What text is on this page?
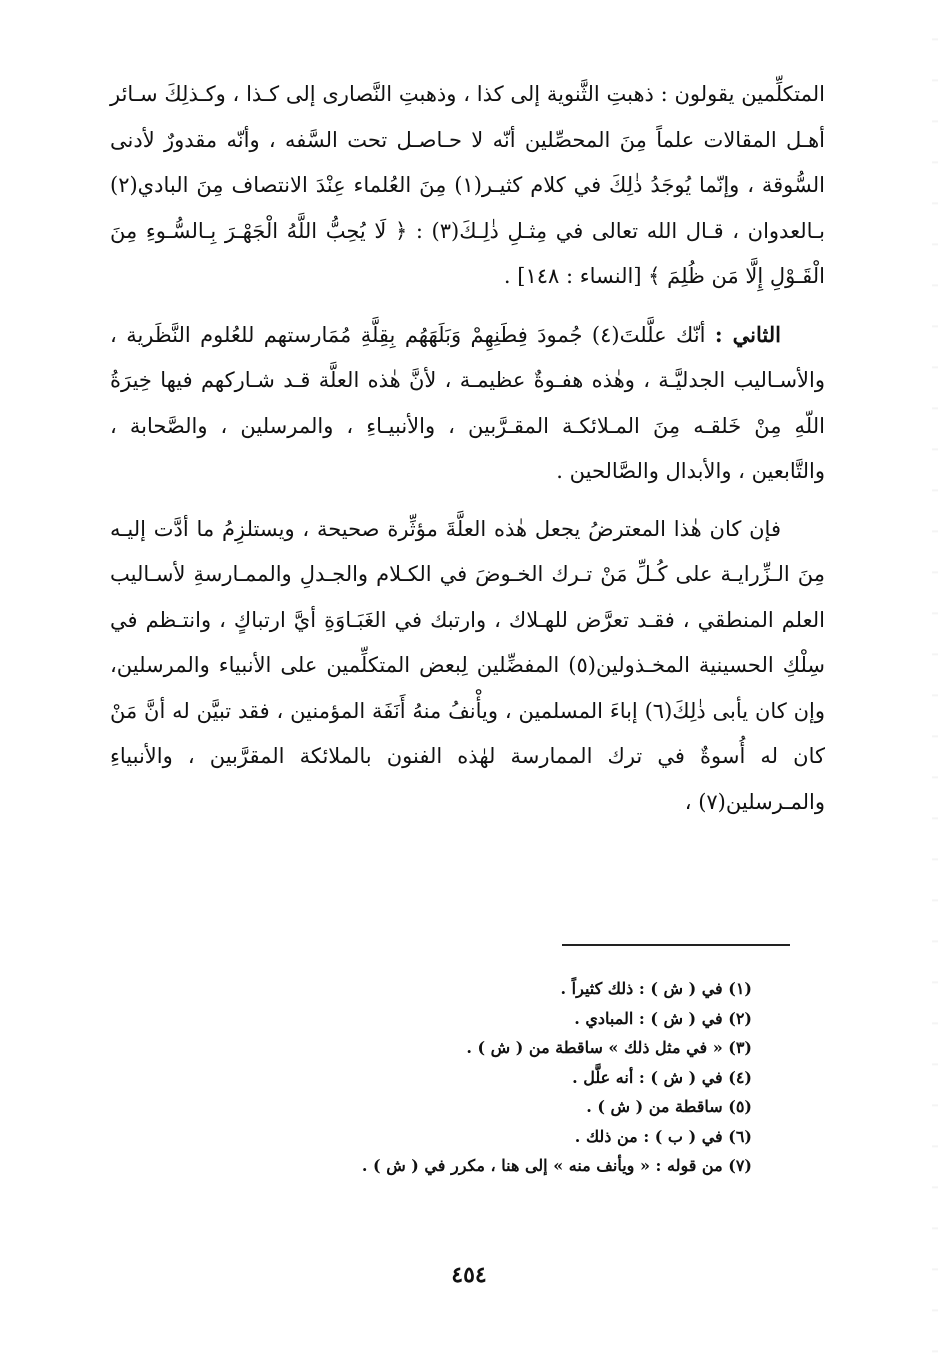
المتكلِّمين يقولون : ذهبتِ الثَّنوية إلى كذا ، وذهبتِ النَّصارى إلى كـذا ، وكـذلِكَ سـائر أهـل المقالات علماً مِنَ المحصِّلين أنّه لا حـاصـل تحت السَّفه ، وأنّه مقدورٌ لأدنى السُّوقة ، وإنّما يُوجَدُ ذٰلِكَ في كلام كثيـر(١) مِنَ العُلماء عِنْدَ الانتصاف مِنَ البادي(٢) بـالعدوان ، قـال الله تعالى في مِثـلِ ذٰلِـكَ(٣) : ﴿ لَا يُحِبُّ اللَّهُ الْجَهْـرَ بِـالسُّـوءِ مِنَ الْقَـوْلِ إِلَّا مَن ظُلِمَ ﴾ [النساء : ١٤٨] .

الثاني : أنّك علَّلتَ(٤) جُمودَ فِطَنِهِمْ وَبَلَهَهُم بِقِلَّةِ مُمَارستهم للعُلوم النَّظَرية ، والأسـاليب الجدليَّـة ، وهٰذه هفـوةٌ عظيمـة ، لأنَّ هٰذه العلَّة قـد شـاركهم فيها خِيرَةُ اللّهِ مِنْ خَلقـه مِنَ المـلائكـة المقـرَّبين ، والأنبيـاءِ ، والمرسلين ، والصَّحابة ، والتَّابعين ، والأبدال والصَّالحين .

فإن كان هٰذا المعترضُ يجعل هٰذه العلَّةَ مؤثِّرة صحيحة ، ويستلزِمُ ما أدَّت إليـه مِنَ الـزِّرايـة على كُـلِّ مَنْ تـرك الخـوضَ في الكـلام والجـدلِ والممـارسةِ لأسـاليب العلم المنطقي ، فقـد تعرَّض للهـلاك ، وارتبك في الغَبَـاوَةِ أيَّ ارتباكٍ ، وانتـظم في سِلْكِ الحسينية المخـذولين(٥) المفضِّلين لِبعض المتكلِّمين على الأنبياء والمرسلين، وإن كان يأبى ذٰلِكَ(٦) إباءَ المسلمين ، ويأْنفُ منهُ أَنَفَة المؤمنين ، فقد تبيَّن له أنَّ مَنْ كان له أُسوةٌ في ترك الممارسة لهٰذه الفنون بالملائكة المقرَّبين ، والأنبياءِ والمـرسلين(٧) ،

(١) في ( ش ) : ذلك كثيراً .
(٢) في ( ش ) : المبادي .
(٣) « في مثل ذلك » ساقطة من ( ش ) .
(٤) في ( ش ) : أنه علَّل .
(٥) ساقطة من ( ش ) .
(٦) في ( ب ) : من ذلك .
(٧) من قوله : « ويأنف منه » إلى هنا ، مكرر في ( ش ) .
٤٥٤
